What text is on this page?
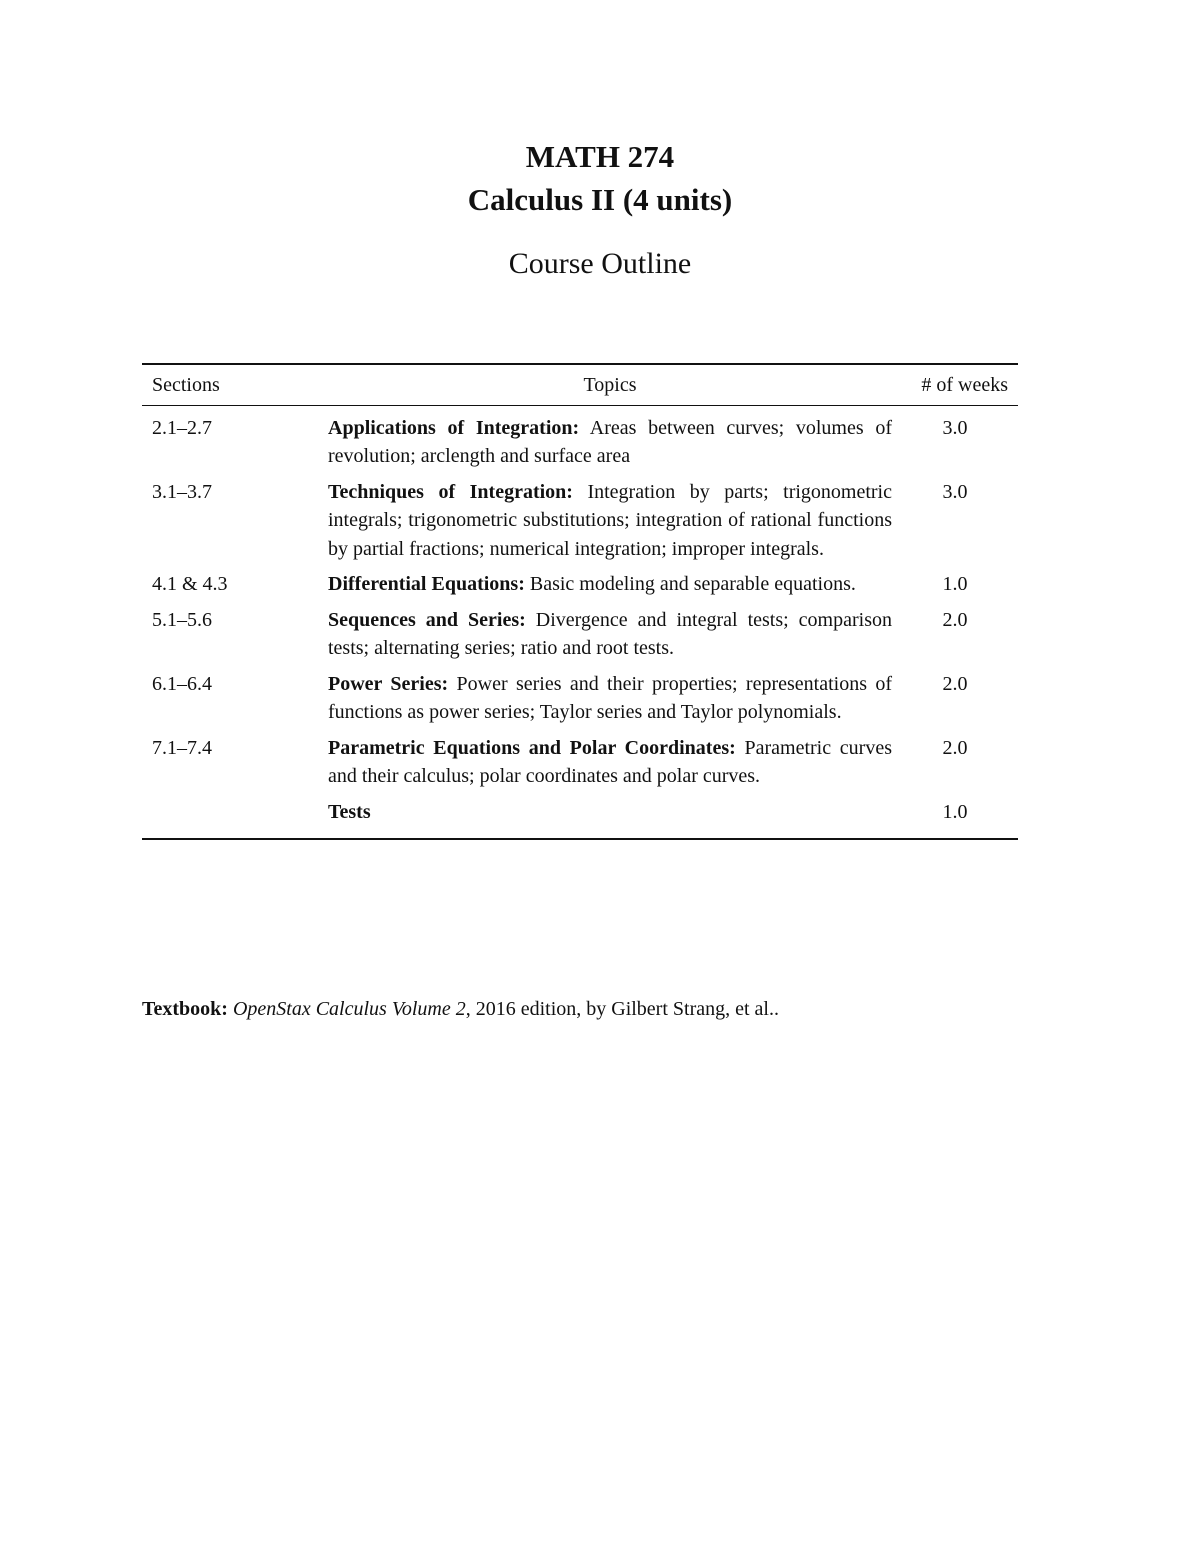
MATH 274

Calculus II (4 units)

Course Outline

Sections	Topics	# of weeks
2.1–2.7	Applications of Integration: Areas between curves; volumes of revolution; arclength and surface area	3.0
3.1–3.7	Techniques of Integration: Integration by parts; trigonometric integrals; trigonometric substitutions; integration of rational functions by partial fractions; numerical integration; improper integrals.	3.0
4.1 & 4.3	Differential Equations: Basic modeling and separable equations.	1.0
5.1–5.6	Sequences and Series: Divergence and integral tests; comparison tests; alternating series; ratio and root tests.	2.0
6.1–6.4	Power Series: Power series and their properties; representations of functions as power series; Taylor series and Taylor polynomials.	2.0
7.1–7.4	Parametric Equations and Polar Coordinates: Parametric curves and their calculus; polar coordinates and polar curves.	2.0
	Tests	1.0

Textbook: OpenStax Calculus Volume 2, 2016 edition, by Gilbert Strang, et al..
